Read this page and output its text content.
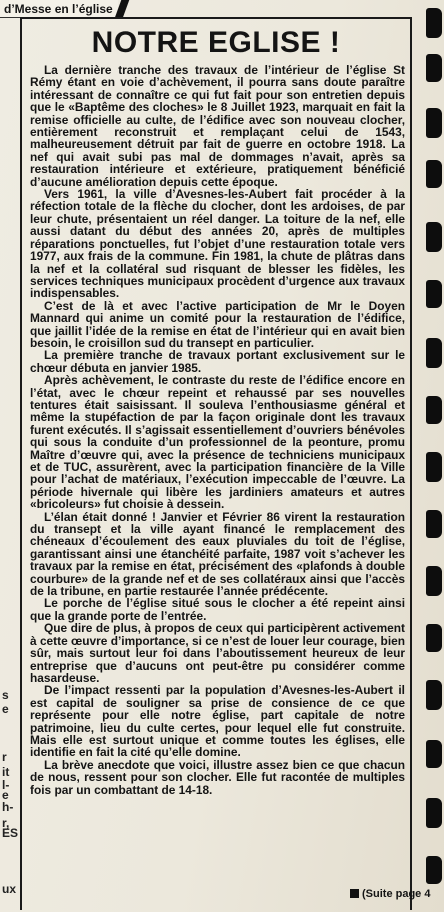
d’Messe en l’église
NOTRE EGLISE !

La dernière tranche des travaux de l’intérieur de l’église St Rémy étant en voie d’achèvement, il pourra sans doute paraître intéressant de connaître ce qui fut fait pour son entretien depuis que le «Baptême des cloches» le 8 Juillet 1923, marquait en fait la remise officielle au culte, de l’édifice avec son nouveau clocher, entièrement reconstruit et remplaçant celui de 1543, malheureusement détruit par fait de guerre en octobre 1918. La nef qui avait subi pas mal de dommages n’avait, après sa restauration intérieure et extérieure, pratiquement bénéficié d’aucune amélioration depuis cette époque.

Vers 1961, la ville d’Avesnes-les-Aubert fait procéder à la réfection totale de la flèche du clocher, dont les ardoises, de par leur chute, présentaient un réel danger. La toiture de la nef, elle aussi datant du début des années 20, après de multiples réparations ponctuelles, fut l’objet d’une restauration totale vers 1977, aux frais de la commune. Fin 1981, la chute de plâtras dans la nef et la collatéral sud risquant de blesser les fidèles, les services techniques municipaux procèdent d’urgence aux travaux indispensables.

C’est de là et avec l’active participation de Mr le Doyen Mannard qui anime un comité pour la restauration de l’édifice, que jaillit l’idée de la remise en état de l’intérieur qui en avait bien besoin, le croisillon sud du transept en particulier.

La première tranche de travaux portant exclusivement sur le chœur débuta en janvier 1985.

Après achèvement, le contraste du reste de l’édifice encore en l’état, avec le chœur repeint et rehaussé par ses nouvelles tentures était saisissant. Il souleva l’enthousiasme général et même la stupéfaction de par la façon originale dont les travaux furent exécutés. Il s’agissait essentiellement d’ouvriers bénévoles qui sous la conduite d’un professionnel de la peonture, promu Maître d’œuvre qui, avec la présence de techniciens municipaux et de TUC, assurèrent, avec la participation financière de la Ville pour l’achat de matériaux, l’exécution impeccable de l’œuvre. La période hivernale qui libère les jardiniers amateurs et autres «bricoleurs» fut choisie à dessein.

L’élan était donné ! Janvier et Février 86 virent la restauration du transept et la ville ayant financé le remplacement des chéneaux d’écoulement des eaux pluviales du toit de l’église, garantissant ainsi une étanchéité parfaite, 1987 voit s’achever les travaux par la remise en état, précisément des «plafonds à double courbure» de la grande nef et de ses collatéraux ainsi que l’accès de la tribune, en partie restaurée l’année prédécente.

Le porche de l’église situé sous le clocher a été repeint ainsi que la grande porte de l’entrée.

Que dire de plus, à propos de ceux qui participèrent activement à cette œuvre d’importance, si ce n’est de louer leur courage, bien sûr, mais surtout leur foi dans l’aboutissement heureux de leur entreprise que d’aucuns ont peut-être pu considérer comme hasardeuse.

De l’impact ressenti par la population d’Avesnes-les-Aubert il est capital de souligner sa prise de consience de ce que représente pour elle notre église, part capitale de notre patrimoine, lieu du culte certes, pour lequel elle fut construite. Mais elle est surtout unique et comme toutes les églises, elle identifie en fait la cité qu’elle domine.

La brève anecdote que voici, illustre assez bien ce que chacun de nous, ressent pour son clocher. Elle fut racontée de multiples fois par un combattant de 14-18.

(Suite page 4
s
e
r
it
l-
e
h-
r,
ES
ux
